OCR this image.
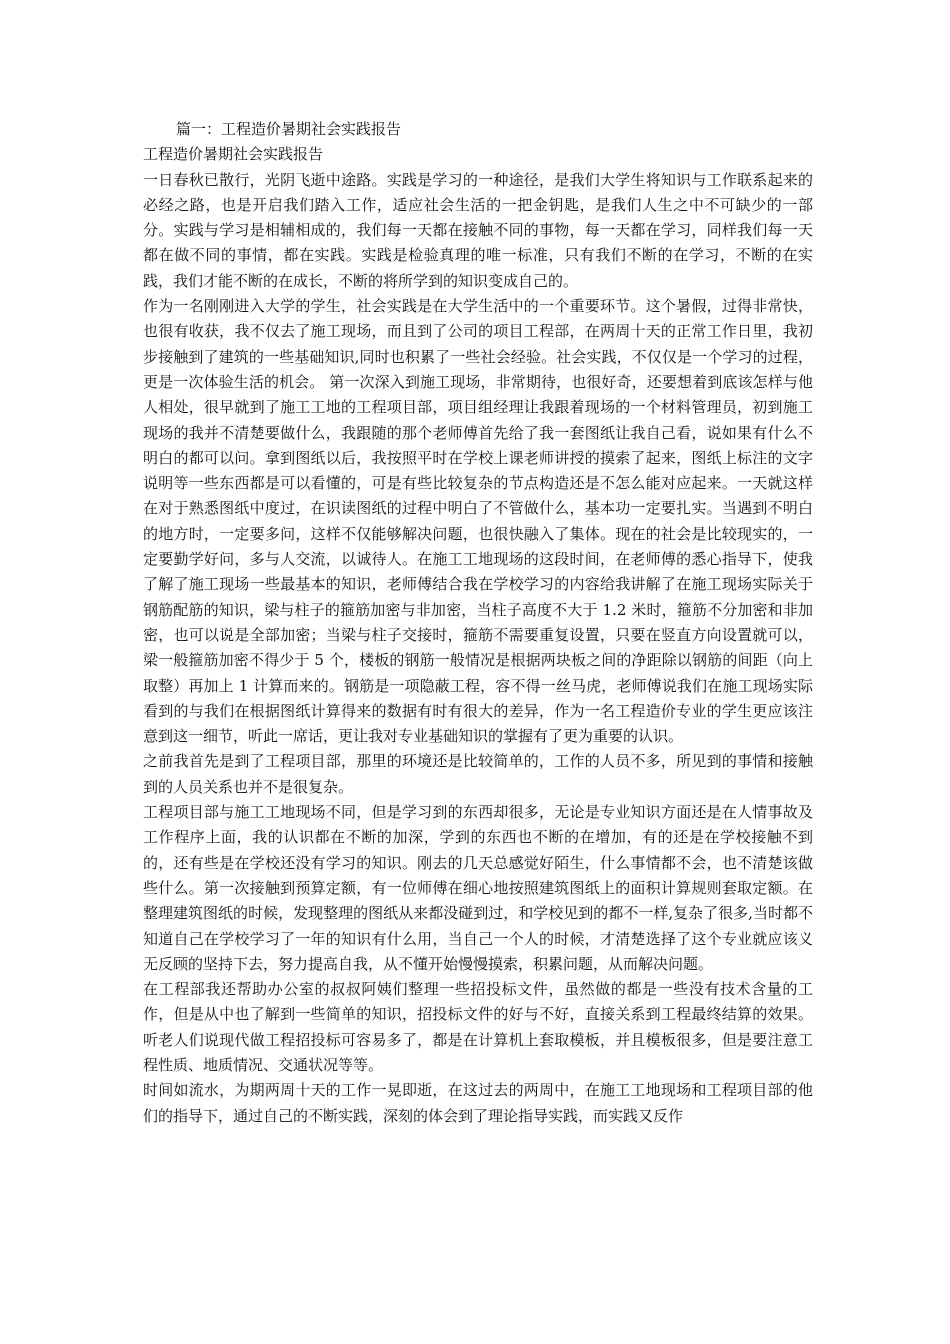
篇一：工程造价暑期社会实践报告
工程造价暑期社会实践报告

一日春秋已散行，光阴飞逝中途路。实践是学习的一种途径，是我们大学生将知识与工作联系起来的必经之路，也是开启我们踏入工作，适应社会生活的一把金钥匙，是我们人生之中不可缺少的一部分。实践与学习是相辅相成的，我们每一天都在接触不同的事物，每一天都在学习，同样我们每一天都在做不同的事情，都在实践。实践是检验真理的唯一标准，只有我们不断的在学习，不断的在实践，我们才能不断的在成长，不断的将所学到的知识变成自己的。

作为一名刚刚进入大学的学生，社会实践是在大学生活中的一个重要环节。这个暑假，过得非常快，也很有收获，我不仅去了施工现场，而且到了公司的项目工程部，在两周十天的正常工作日里，我初步接触到了建筑的一些基础知识,同时也积累了一些社会经验。社会实践，不仅仅是一个学习的过程，更是一次体验生活的机会。 第一次深入到施工现场，非常期待，也很好奇，还要想着到底该怎样与他人相处，很早就到了施工工地的工程项目部，项目组经理让我跟着现场的一个材料管理员，初到施工现场的我并不清楚要做什么，我跟随的那个老师傅首先给了我一套图纸让我自己看，说如果有什么不明白的都可以问。拿到图纸以后，我按照平时在学校上课老师讲授的摸索了起来，图纸上标注的文字说明等一些东西都是可以看懂的，可是有些比较复杂的节点构造还是不怎么能对应起来。一天就这样在对于熟悉图纸中度过，在识读图纸的过程中明白了不管做什么，基本功一定要扎实。当遇到不明白的地方时，一定要多问，这样不仅能够解决问题，也很快融入了集体。现在的社会是比较现实的，一定要勤学好问，多与人交流，以诚待人。在施工工地现场的这段时间，在老师傅的悉心指导下，使我了解了施工现场一些最基本的知识，老师傅结合我在学校学习的内容给我讲解了在施工现场实际关于钢筋配筋的知识，梁与柱子的箍筋加密与非加密，当柱子高度不大于 1.2 米时，箍筋不分加密和非加密，也可以说是全部加密；当梁与柱子交接时，箍筋不需要重复设置，只要在竖直方向设置就可以，梁一般箍筋加密不得少于 5 个，楼板的钢筋一般情况是根据两块板之间的净距除以钢筋的间距（向上取整）再加上 1 计算而来的。钢筋是一项隐蔽工程，容不得一丝马虎，老师傅说我们在施工现场实际看到的与我们在根据图纸计算得来的数据有时有很大的差异，作为一名工程造价专业的学生更应该注意到这一细节，听此一席话，更让我对专业基础知识的掌握有了更为重要的认识。

之前我首先是到了工程项目部，那里的环境还是比较简单的，工作的人员不多，所见到的事情和接触到的人员关系也并不是很复杂。

工程项目部与施工工地现场不同，但是学习到的东西却很多，无论是专业知识方面还是在人情事故及工作程序上面，我的认识都在不断的加深，学到的东西也不断的在增加，有的还是在学校接触不到的，还有些是在学校还没有学习的知识。刚去的几天总感觉好陌生，什么事情都不会，也不清楚该做些什么。第一次接触到预算定额，有一位师傅在细心地按照建筑图纸上的面积计算规则套取定额。在整理建筑图纸的时候，发现整理的图纸从来都没碰到过，和学校见到的都不一样,复杂了很多,当时都不知道自己在学校学习了一年的知识有什么用，当自己一个人的时候，才清楚选择了这个专业就应该义无反顾的坚持下去，努力提高自我，从不懂开始慢慢摸索，积累问题，从而解决问题。

在工程部我还帮助办公室的叔叔阿姨们整理一些招投标文件，虽然做的都是一些没有技术含量的工作，但是从中也了解到一些简单的知识，招投标文件的好与不好，直接关系到工程最终结算的效果。听老人们说现代做工程招投标可容易多了，都是在计算机上套取模板，并且模板很多，但是要注意工程性质、地质情况、交通状况等等。

时间如流水，为期两周十天的工作一晃即逝，在这过去的两周中，在施工工地现场和工程项目部的他们的指导下，通过自己的不断实践，深刻的体会到了理论指导实践，而实践又反作
